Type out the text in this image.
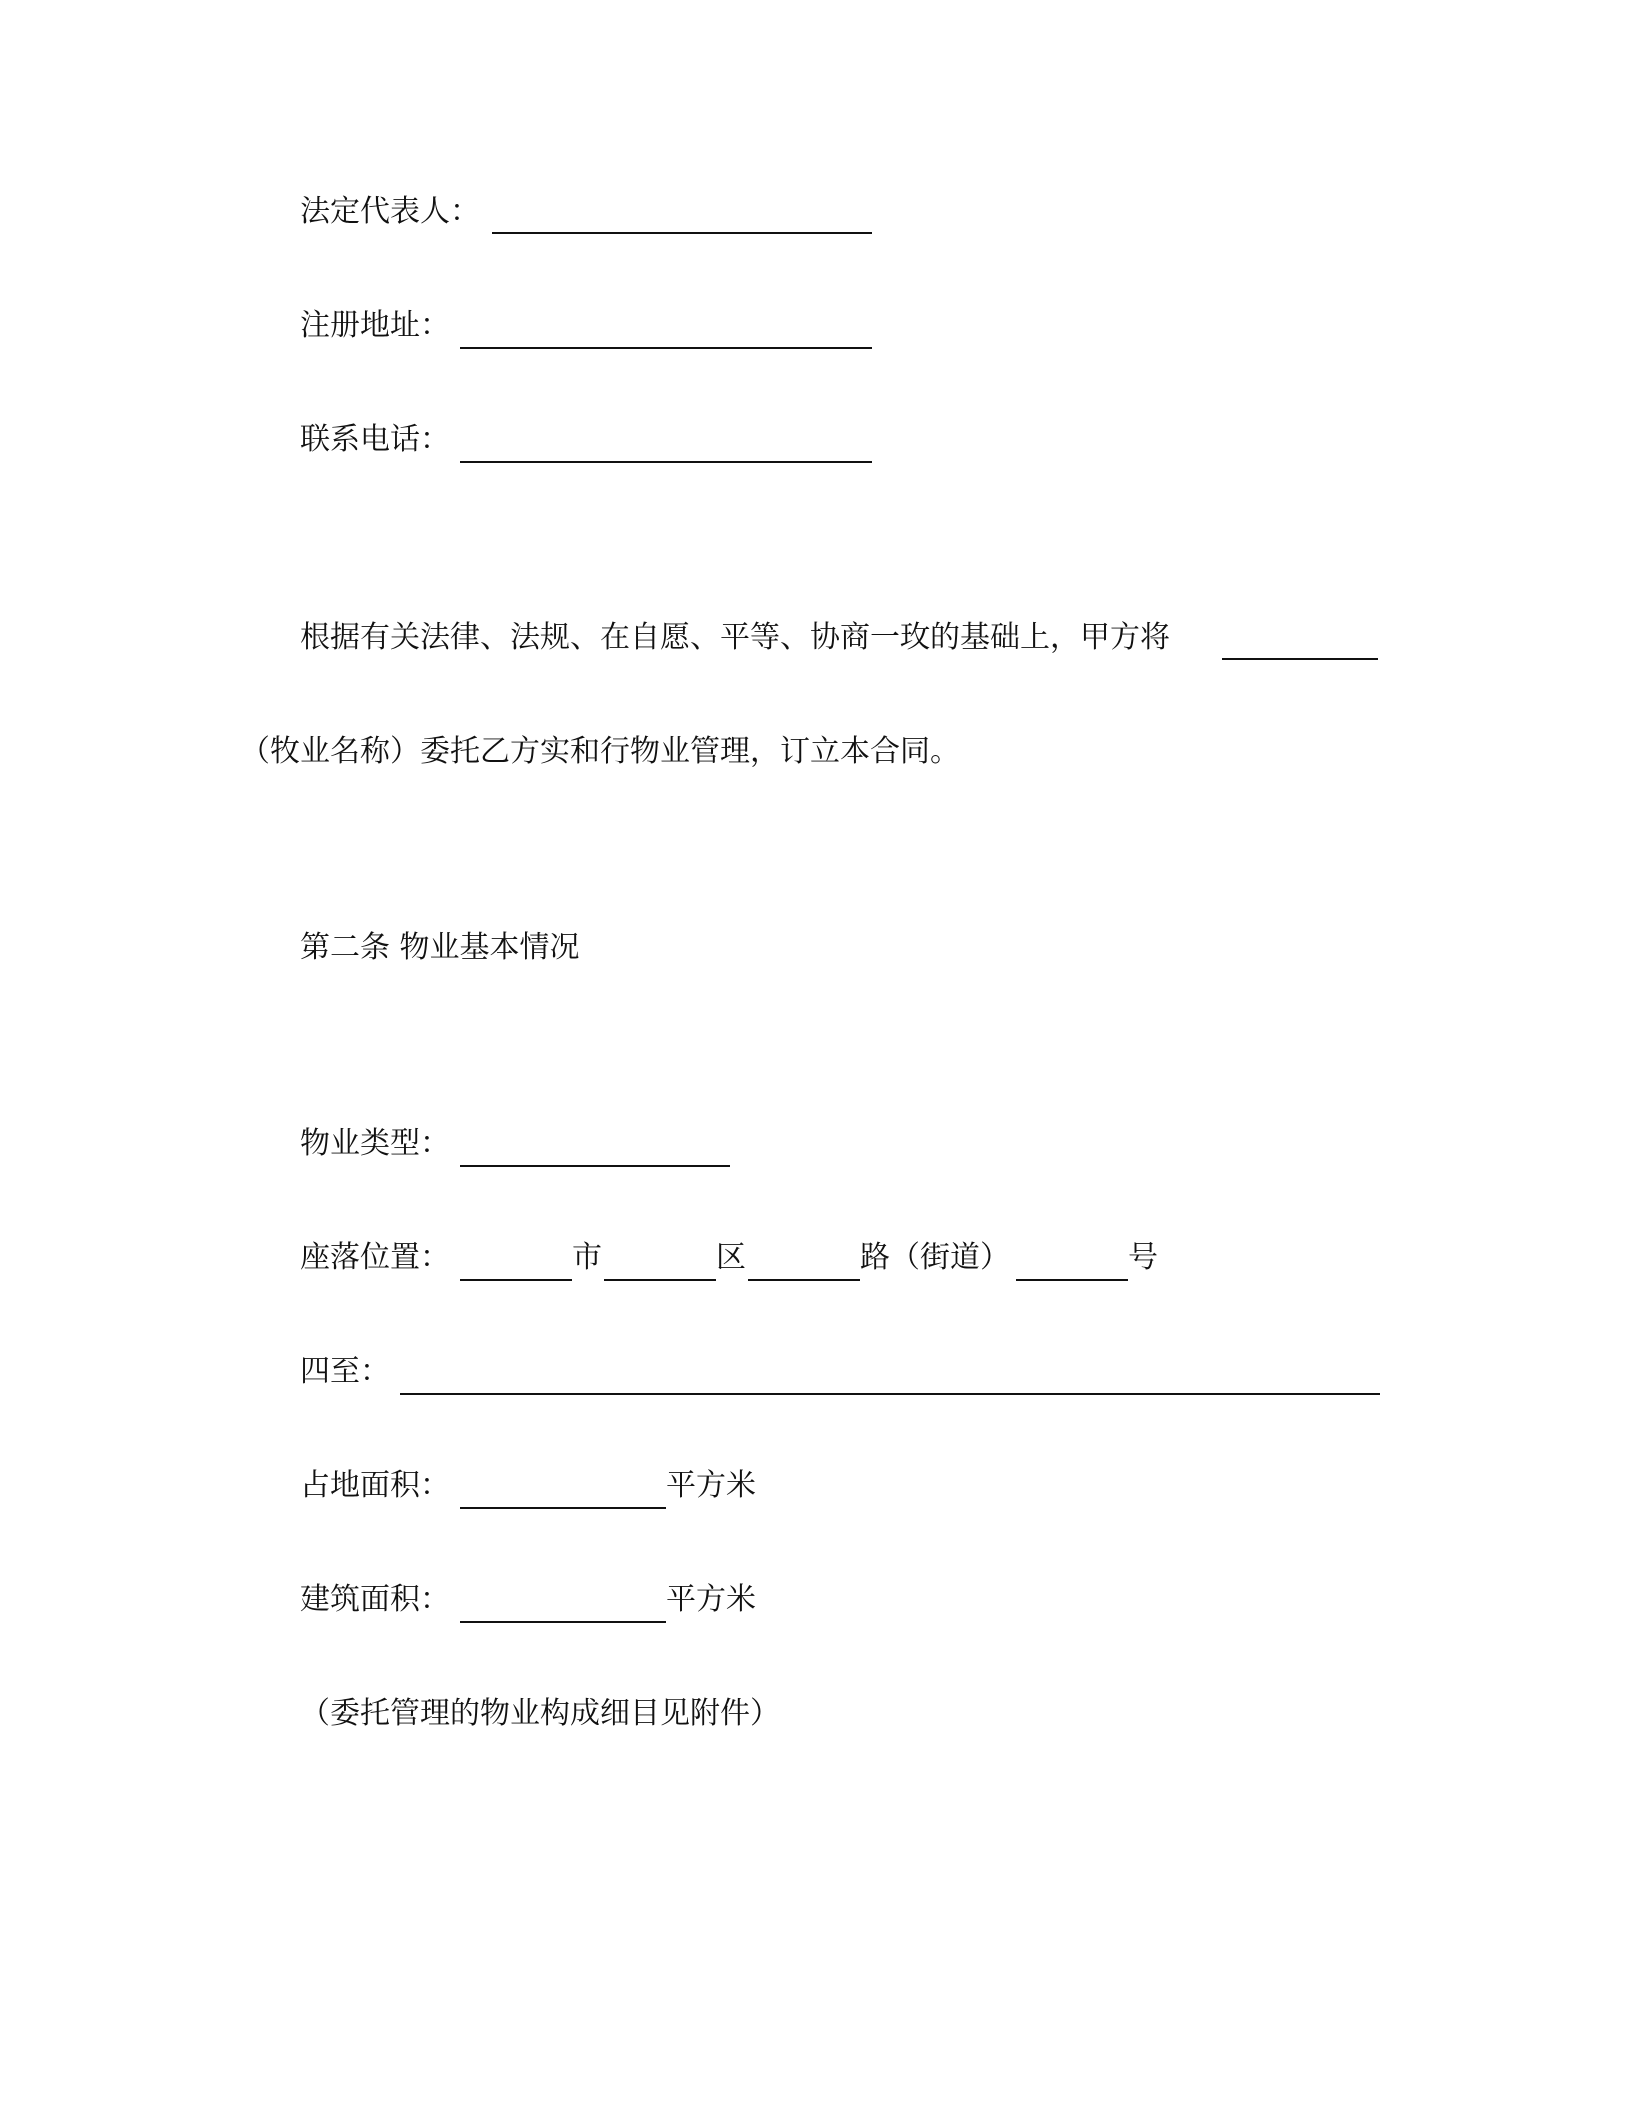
法定代表人：
注册地址：
联系电话：
根据有关法律、法规、在自愿、平等、协商一玫的基础上，甲方将
（牧业名称）委托乙方实和行物业管理，订立本合同。
第二条 物业基本情况
物业类型：
座落位置：	市	区	路（街道）	号
四至：
占地面积：	平方米
建筑面积：	平方米
（委托管理的物业构成细目见附件）
